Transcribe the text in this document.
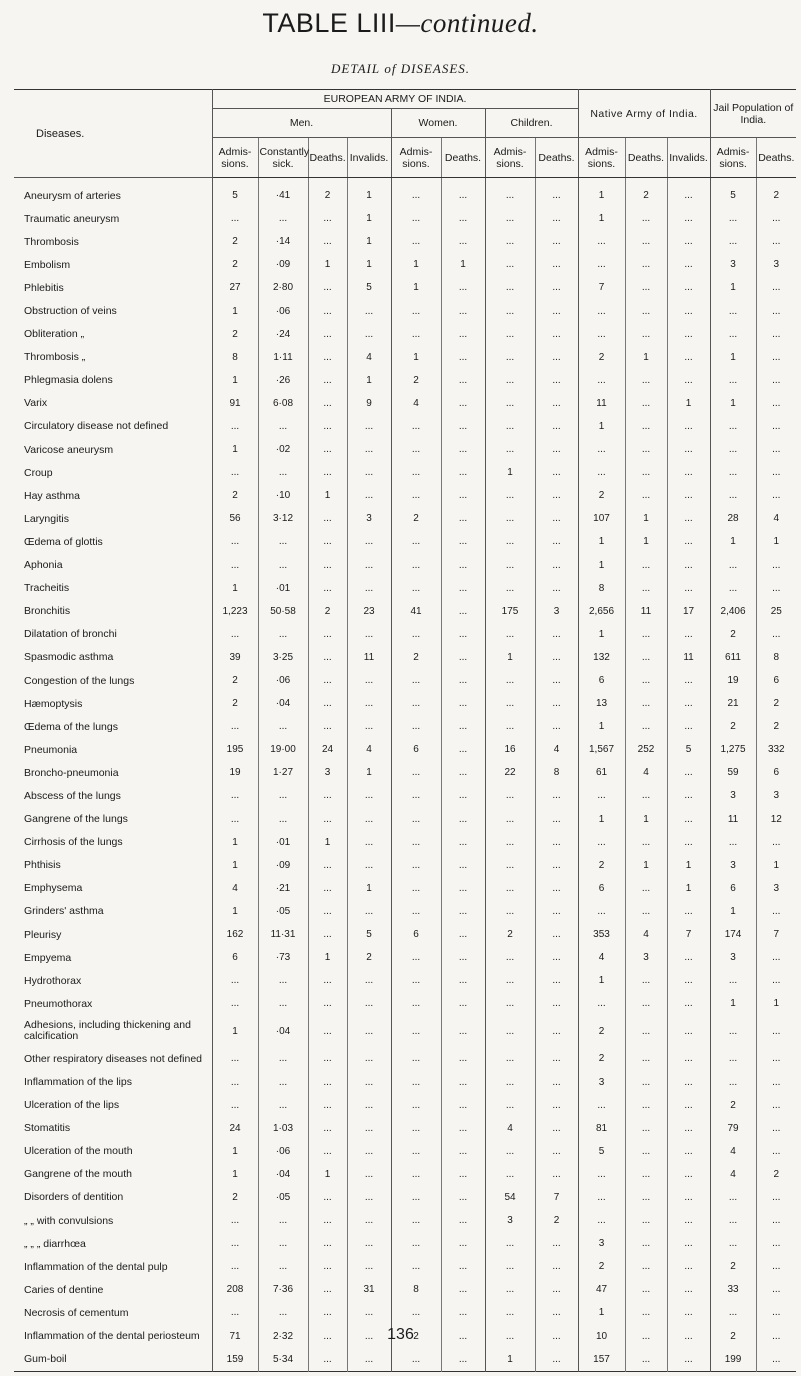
TABLE LIII—continued.
DETAIL of DISEASES.
Diseases.	EUROPEAN ARMY OF INDIA.								Native Army of India.			Jail Population of India.	
	Men.				Women.		Children.						
	Admis-sions.	Constantly sick.	Deaths.	Invalids.	Admis-sions.	Deaths.	Admis-sions.	Deaths.	Admis-sions.	Deaths.	Invalids.	Admis-sions.	Deaths.
Aneurysm of arteries	5	·41	2	1	...	...	...	...	1	2	...	5	2
Traumatic aneurysm	...	...	...	1	...	...	...	...	1	...	...	...	...
Thrombosis	2	·14	...	1	...	...	...	...	...	...	...	...	...
Embolism	2	·09	1	1	1	1	...	...	...	...	...	3	3
Phlebitis	27	2·80	...	5	1	...	...	...	7	...	...	1	...
Obstruction of veins	1	·06	...	...	...	...	...	...	...	...	...	...	...
Obliteration „	2	·24	...	...	...	...	...	...	...	...	...	...	...
Thrombosis „	8	1·11	...	4	1	...	...	...	2	1	...	1	...
Phlegmasia dolens	1	·26	...	1	2	...	...	...	...	...	...	...	...
Varix	91	6·08	...	9	4	...	...	...	11	...	1	1	...
Circulatory disease not defined	...	...	...	...	...	...	...	...	1	...	...	...	...
Varicose aneurysm	1	·02	...	...	...	...	...	...	...	...	...	...	...
Croup	...	...	...	...	...	...	1	...	...	...	...	...	...
Hay asthma	2	·10	1	...	...	...	...	...	2	...	...	...	...
Laryngitis	56	3·12	...	3	2	...	...	...	107	1	...	28	4
Œdema of glottis	...	...	...	...	...	...	...	...	1	1	...	1	1
Aphonia	...	...	...	...	...	...	...	...	1	...	...	...	...
Tracheitis	1	·01	...	...	...	...	...	...	8	...	...	...	...
Bronchitis	1,223	50·58	2	23	41	...	175	3	2,656	11	17	2,406	25
Dilatation of bronchi	...	...	...	...	...	...	...	...	1	...	...	2	...
Spasmodic asthma	39	3·25	...	11	2	...	1	...	132	...	11	611	8
Congestion of the lungs	2	·06	...	...	...	...	...	...	6	...	...	19	6
Hæmoptysis	2	·04	...	...	...	...	...	...	13	...	...	21	2
Œdema of the lungs	...	...	...	...	...	...	...	...	1	...	...	2	2
Pneumonia	195	19·00	24	4	6	...	16	4	1,567	252	5	1,275	332
Broncho-pneumonia	19	1·27	3	1	...	...	22	8	61	4	...	59	6
Abscess of the lungs	...	...	...	...	...	...	...	...	...	...	...	3	3
Gangrene of the lungs	...	...	...	...	...	...	...	...	1	1	...	11	12
Cirrhosis of the lungs	1	·01	1	...	...	...	...	...	...	...	...	...	...
Phthisis	1	·09	...	...	...	...	...	...	2	1	1	3	1
Emphysema	4	·21	...	1	...	...	...	...	6	...	1	6	3
Grinders' asthma	1	·05	...	...	...	...	...	...	...	...	...	1	...
Pleurisy	162	11·31	...	5	6	...	2	...	353	4	7	174	7
Empyema	6	·73	1	2	...	...	...	...	4	3	...	3	...
Hydrothorax	...	...	...	...	...	...	...	...	1	...	...	...	...
Pneumothorax	...	...	...	...	...	...	...	...	...	...	...	1	1
Adhesions, including thickening and calcification	1	·04	...	...	...	...	...	...	2	...	...	...	...
Other respiratory diseases not defined	...	...	...	...	...	...	...	...	2	...	...	...	...
Inflammation of the lips	...	...	...	...	...	...	...	...	3	...	...	...	...
Ulceration of the lips	...	...	...	...	...	...	...	...	...	...	...	2	...
Stomatitis	24	1·03	...	...	...	...	4	...	81	...	...	79	...
Ulceration of the mouth	1	·06	...	...	...	...	...	...	5	...	...	4	...
Gangrene of the mouth	1	·04	1	...	...	...	...	...	...	...	...	4	2
Disorders of dentition	2	·05	...	...	...	...	54	7	...	...	...	...	...
„ „ with convulsions	...	...	...	...	...	...	3	2	...	...	...	...	...
„ „ „ diarrhœa	...	...	...	...	...	...	...	...	3	...	...	...	...
Inflammation of the dental pulp	...	...	...	...	...	...	...	...	2	...	...	2	...
Caries of dentine	208	7·36	...	31	8	...	...	...	47	...	...	33	...
Necrosis of cementum	...	...	...	...	...	...	...	...	1	...	...	...	...
Inflammation of the dental periosteum	71	2·32	...	...	2	...	...	...	10	...	...	2	...
Gum-boil	159	5·34	...	...	...	...	1	...	157	...	...	199	...

136
